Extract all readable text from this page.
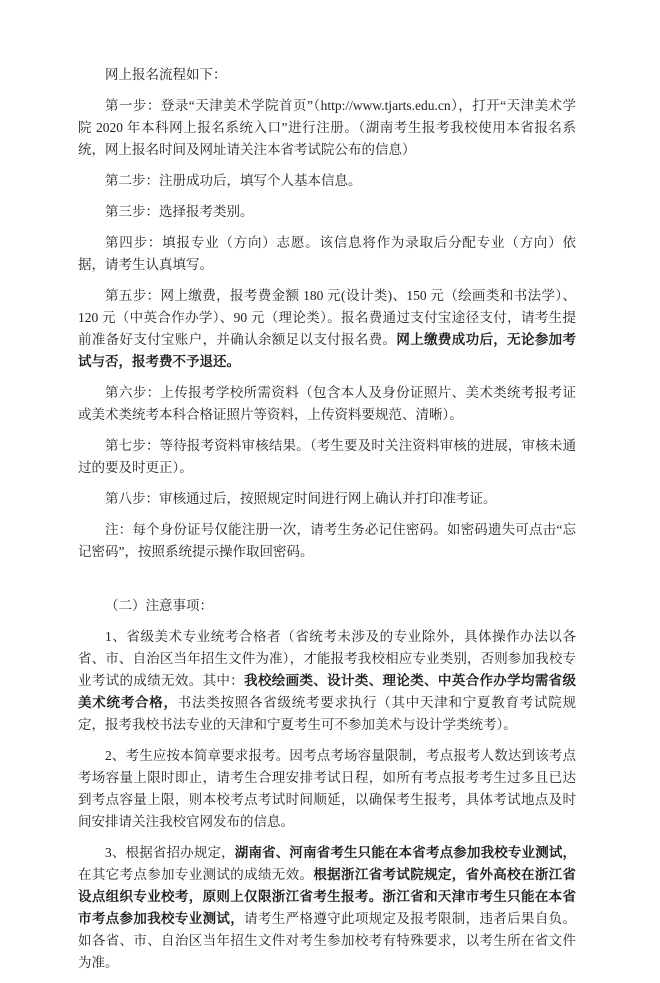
网上报名流程如下：

第一步：登录“天津美术学院首页”（http://www.tjarts.edu.cn），打开“天津美术学院 2020 年本科网上报名系统入口”进行注册。（湖南考生报考我校使用本省报名系统，网上报名时间及网址请关注本省考试院公布的信息）

第二步：注册成功后，填写个人基本信息。

第三步：选择报考类别。

第四步：填报专业（方向）志愿。该信息将作为录取后分配专业（方向）依据，请考生认真填写。

第五步：网上缴费，报考费金额 180 元(设计类)、150 元（绘画类和书法学）、120 元（中英合作办学）、90 元（理论类）。报名费通过支付宝途径支付，请考生提前准备好支付宝账户，并确认余额足以支付报名费。网上缴费成功后，无论参加考试与否，报考费不予退还。

第六步：上传报考学校所需资料（包含本人及身份证照片、美术类统考报考证或美术类统考本科合格证照片等资料，上传资料要规范、清晰）。

第七步：等待报考资料审核结果。（考生要及时关注资料审核的进展，审核未通过的要及时更正）。

第八步：审核通过后，按照规定时间进行网上确认并打印准考证。

注：每个身份证号仅能注册一次，请考生务必记住密码。如密码遗失可点击“忘记密码”，按照系统提示操作取回密码。

（二）注意事项：

1、省级美术专业统考合格者（省统考未涉及的专业除外，具体操作办法以各省、市、自治区当年招生文件为准），才能报考我校相应专业类别，否则参加我校专业考试的成绩无效。其中：我校绘画类、设计类、理论类、中英合作办学均需省级美术统考合格，书法类按照各省级统考要求执行（其中天津和宁夏教育考试院规定，报考我校书法专业的天津和宁夏考生可不参加美术与设计学类统考）。

2、考生应按本简章要求报考。因考点考场容量限制，考点报考人数达到该考点考场容量上限时即止，请考生合理安排考试日程，如所有考点报考考生过多且已达到考点容量上限，则本校考点考试时间顺延，以确保考生报考，具体考试地点及时间安排请关注我校官网发布的信息。

3、根据省招办规定，湖南省、河南省考生只能在本省考点参加我校专业测试，在其它考点参加专业测试的成绩无效。根据浙江省考试院规定，省外高校在浙江省设点组织专业校考，原则上仅限浙江省考生报考。浙江省和天津市考生只能在本省市考点参加我校专业测试，请考生严格遵守此项规定及报考限制，违者后果自负。如各省、市、自治区当年招生文件对考生参加校考有特殊要求，以考生所在省文件为准。
